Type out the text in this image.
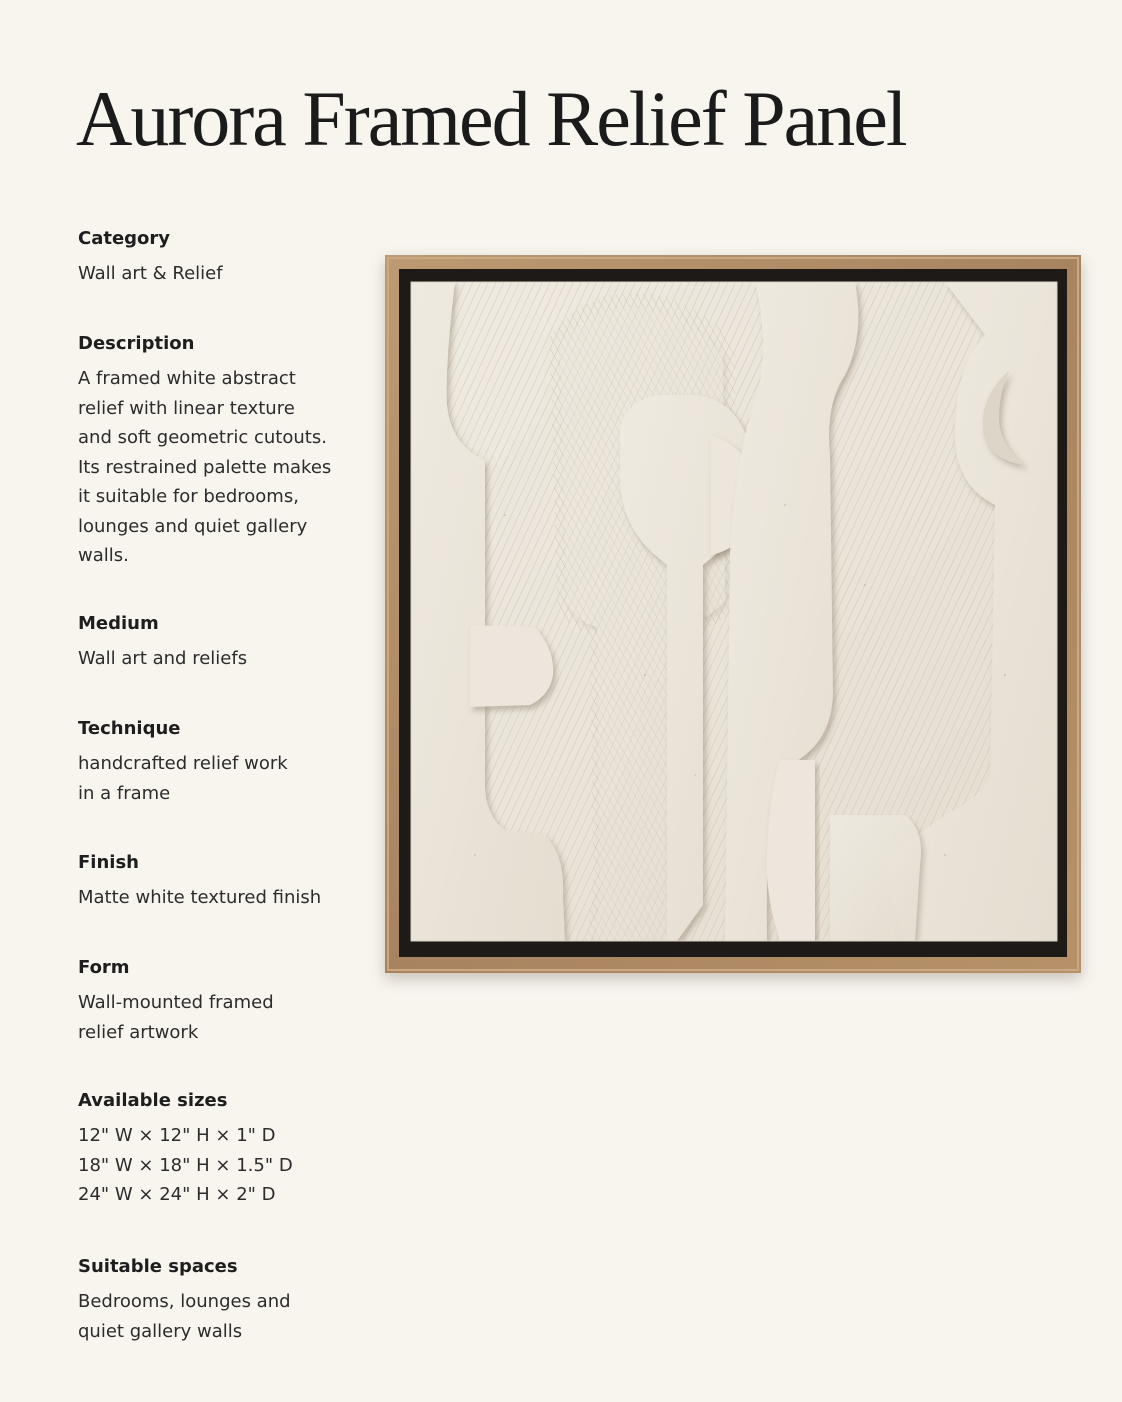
Aurora Framed Relief Panel
Category
Wall art & Relief
Description
A framed white abstract
relief with linear texture
and soft geometric cutouts.
Its restrained palette makes
it suitable for bedrooms,
lounges and quiet gallery
walls.
Medium
Wall art and reliefs
Technique
handcrafted relief work
in a frame
Finish
Matte white textured finish
Form
Wall-mounted framed
relief artwork
Available sizes
12" W × 12" H × 1" D
18" W × 18" H × 1.5" D
24" W × 24" H × 2" D
Suitable spaces
Bedrooms, lounges and
quiet gallery walls
